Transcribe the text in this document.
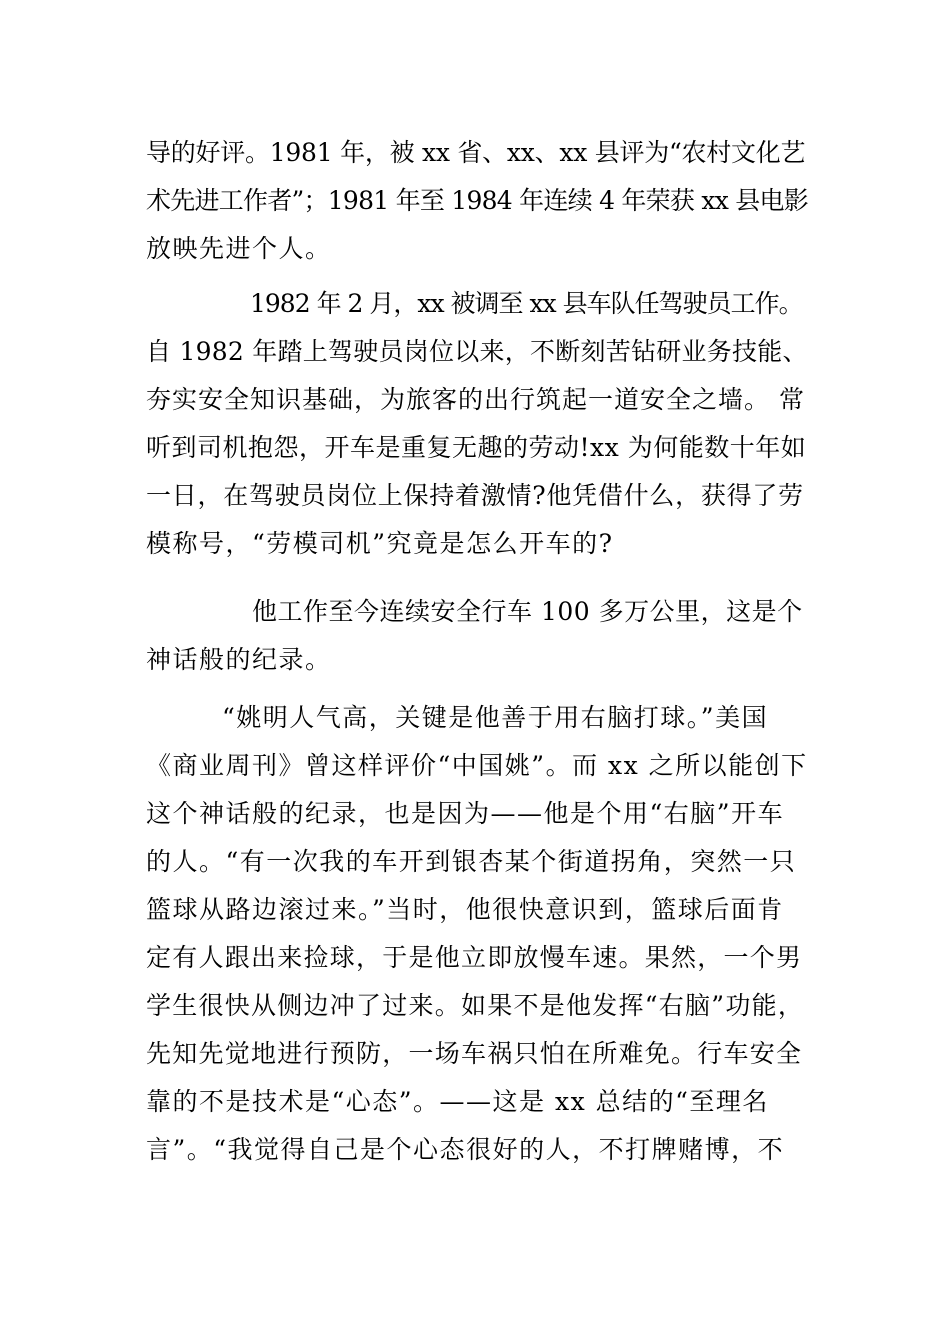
导的好评。1981 年，被 xx 省、xx、xx 县评为“农村文化艺
术先进工作者”；1981 年至 1984 年连续 4 年荣获 xx 县电影
放映先进个人。
1982 年 2 月，xx 被调至 xx 县车队任驾驶员工作。
自 1982 年踏上驾驶员岗位以来，不断刻苦钻研业务技能、
夯实安全知识基础，为旅客的出行筑起一道安全之墙。 常
听到司机抱怨，开车是重复无趣的劳动!xx 为何能数十年如
一日，在驾驶员岗位上保持着激情?他凭借什么，获得了劳
模称号，“劳模司机”究竟是怎么开车的?
他工作至今连续安全行车 100 多万公里，这是个
神话般的纪录。
“姚明人气高，关键是他善于用右脑打球。”美国
《商业周刊》曾这样评价“中国姚”。而 xx 之所以能创下
这个神话般的纪录，也是因为——他是个用“右脑”开车
的人。“有一次我的车开到银杏某个街道拐角，突然一只
篮球从路边滚过来。”当时，他很快意识到，篮球后面肯
定有人跟出来捡球，于是他立即放慢车速。果然，一个男
学生很快从侧边冲了过来。如果不是他发挥“右脑”功能，
先知先觉地进行预防，一场车祸只怕在所难免。行车安全
靠的不是技术是“心态”。——这是 xx 总结的“至理名
言”。“我觉得自己是个心态很好的人，不打牌赌博，不
